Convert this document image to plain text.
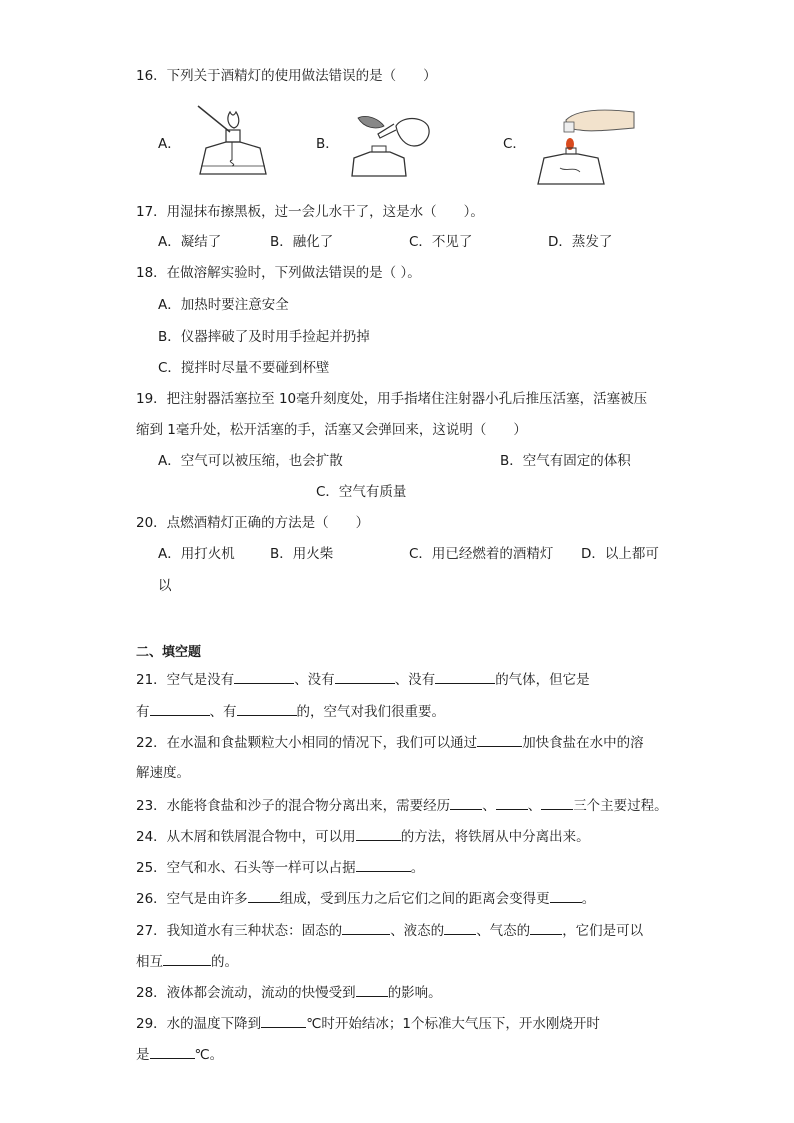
16．下列关于酒精灯的使用做法错误的是（　　）
A．	B．	C．
17．用湿抹布擦黑板，过一会儿水干了，这是水（　　）。
A．凝结了	B．融化了	C．不见了	D．蒸发了
18．在做溶解实验时，下列做法错误的是（ ）。
A．加热时要注意安全
B．仪器摔破了及时用手捡起并扔掉
C．搅拌时尽量不要碰到杯壁
19．把注射器活塞拉至 10毫升刻度处，用手指堵住注射器小孔后推压活塞，活塞被压
缩到 1毫升处，松开活塞的手，活塞又会弹回来，这说明（　　）
A．空气可以被压缩，也会扩散	B．空气有固定的体积
C．空气有质量
20．点燃酒精灯正确的方法是（　　）
A．用打火机	B．用火柴	C．用已经燃着的酒精灯 D．以上都可
以
二、填空题
21．空气是没有	、没有	、没有	的气体，但它是
有	、有	的，空气对我们很重要。
22．在水温和食盐颗粒大小相同的情况下，我们可以通过	加快食盐在水中的溶
解速度。
23．水能将食盐和沙子的混合物分离出来，需要经历 、 、 三个主要过程。
24．从木屑和铁屑混合物中，可以用	的方法，将铁屑从中分离出来。
25．空气和水、石头等一样可以占据	。
26．空气是由许多 组成，受到压力之后它们之间的距离会变得更 。
27．我知道水有三种状态：固态的	、液态的 、气态的 ，它们是可以
相互	的。
28．液体都会流动，流动的快慢受到 的影响。
29．水的温度下降到	℃时开始结冰；1个标准大气压下，开水刚烧开时
是	℃。
